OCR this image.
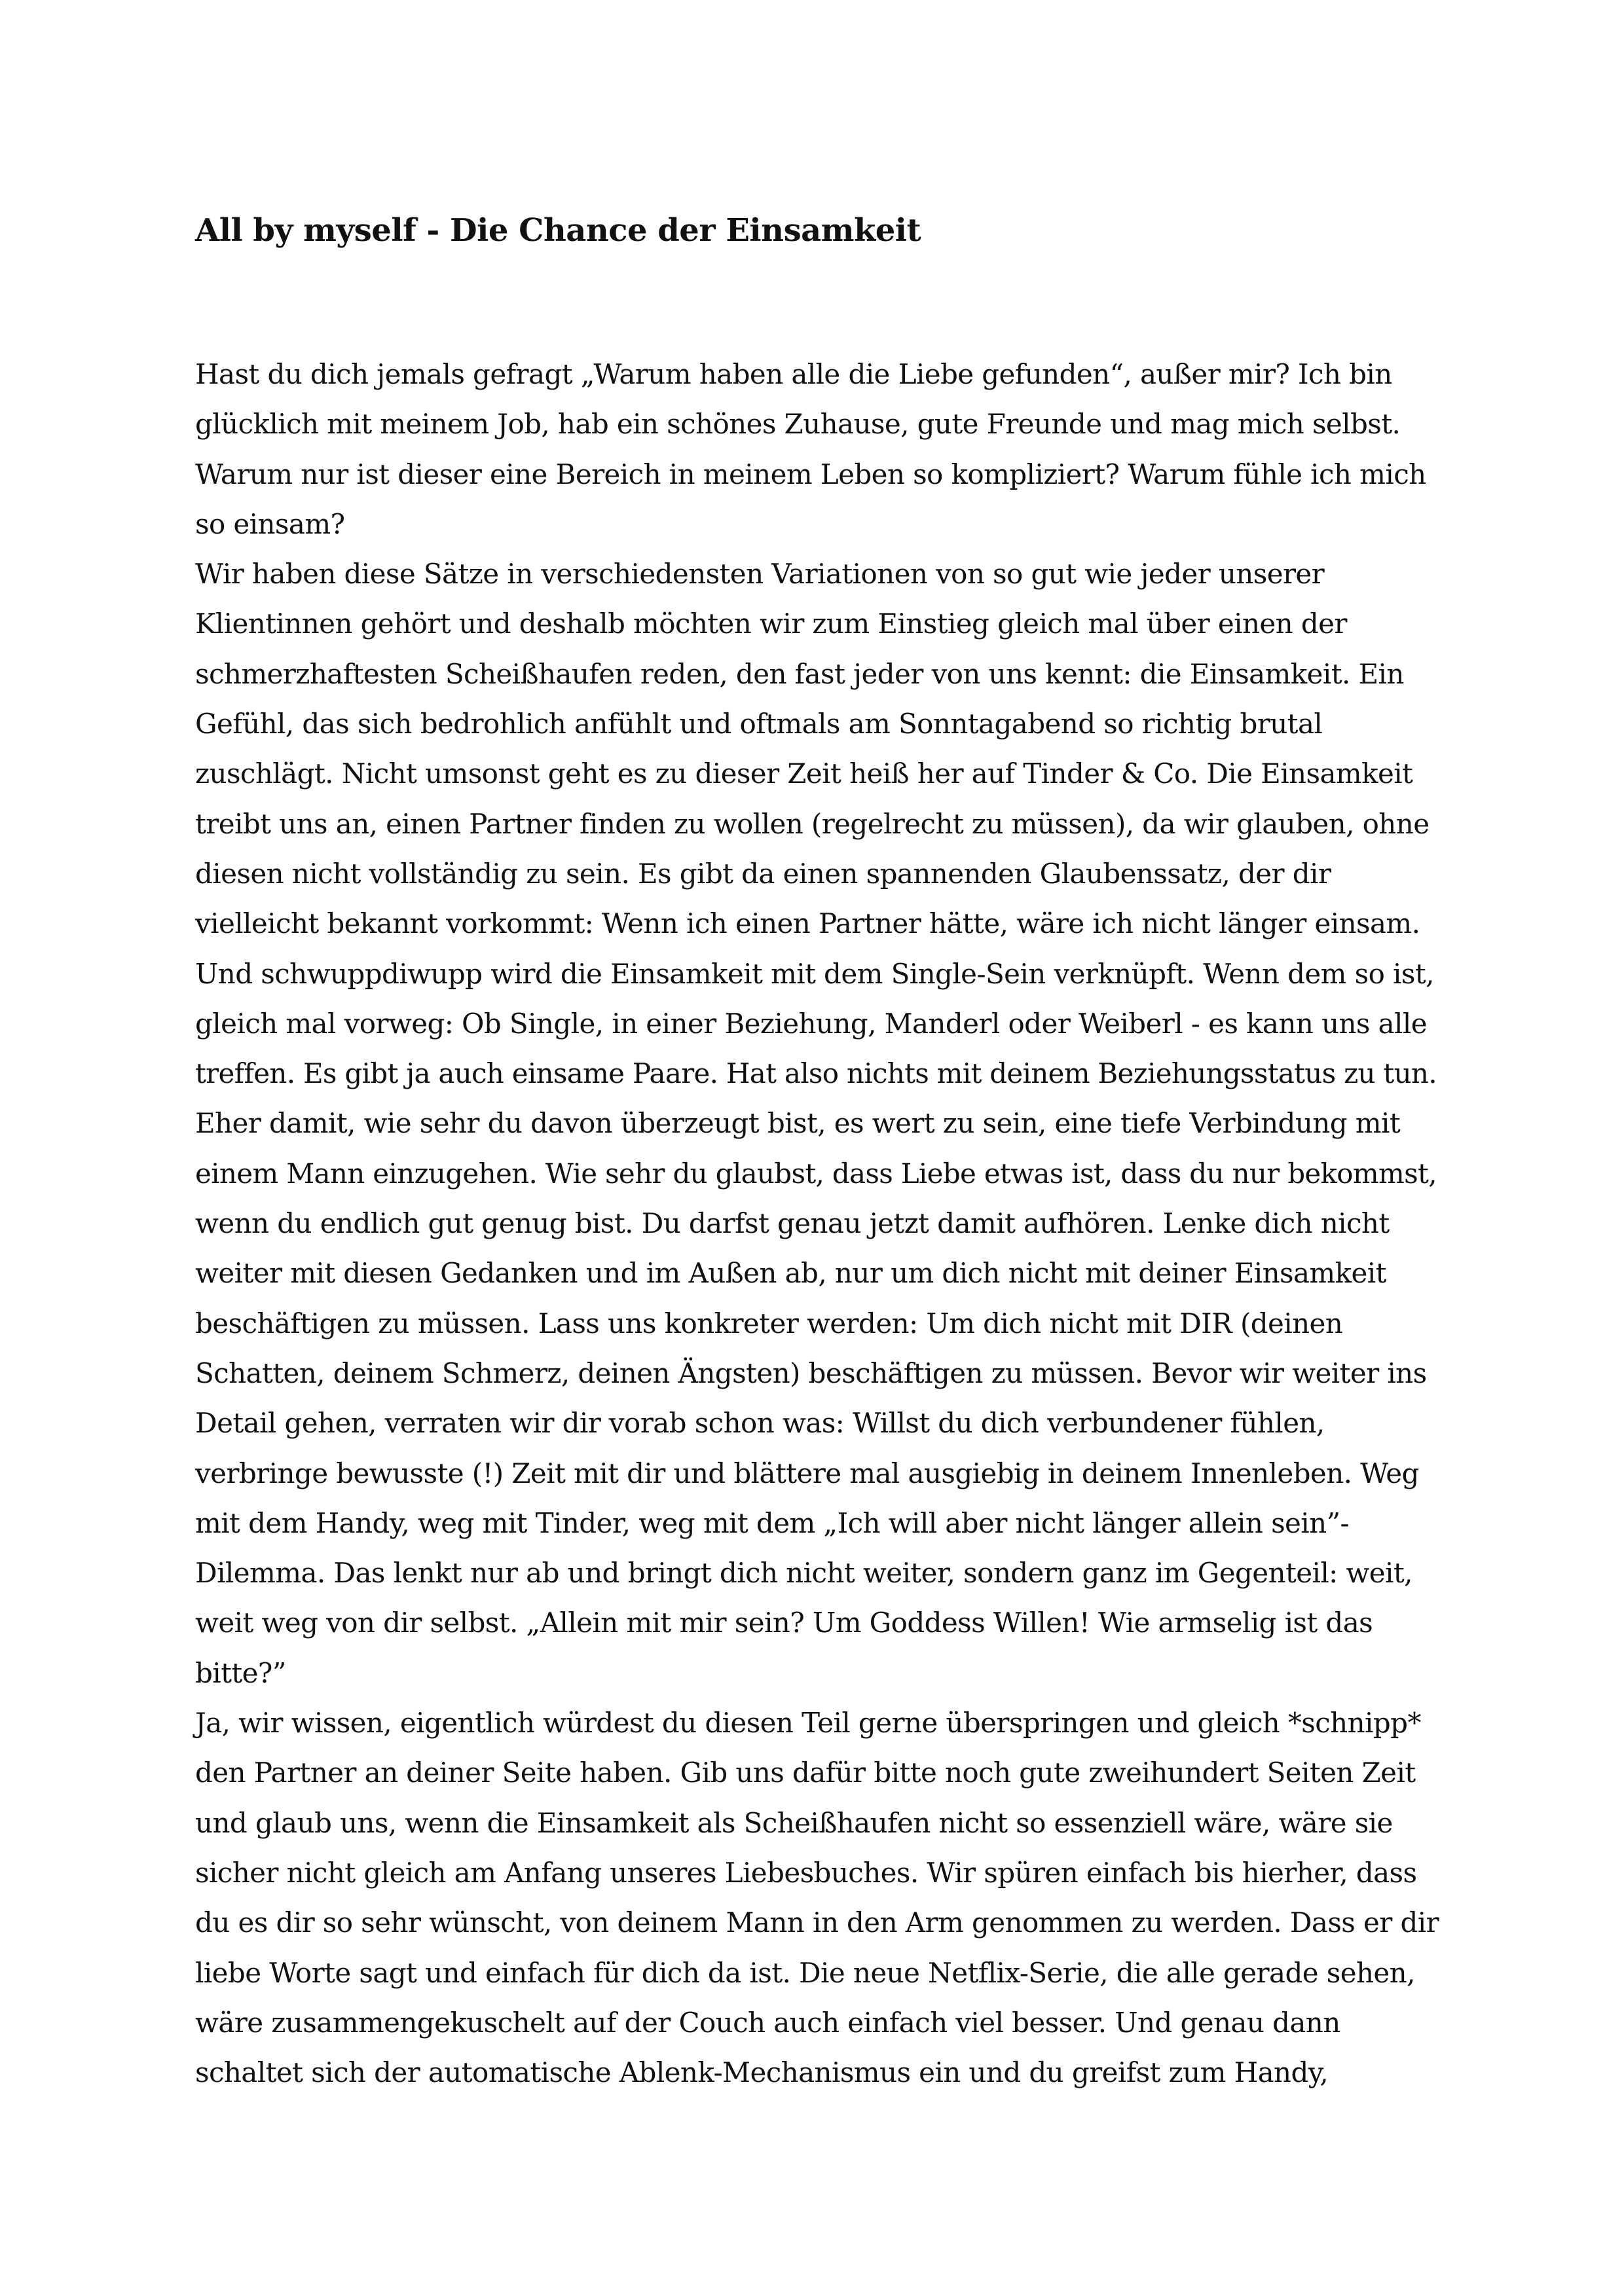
All by myself - Die Chance der Einsamkeit
Hast du dich jemals gefragt „Warum haben alle die Liebe gefunden“, außer mir? Ich bin
glücklich mit meinem Job, hab ein schönes Zuhause, gute Freunde und mag mich selbst.
Warum nur ist dieser eine Bereich in meinem Leben so kompliziert? Warum fühle ich mich
so einsam?
Wir haben diese Sätze in verschiedensten Variationen von so gut wie jeder unserer
Klientinnen gehört und deshalb möchten wir zum Einstieg gleich mal über einen der
schmerzhaftesten Scheißhaufen reden, den fast jeder von uns kennt: die Einsamkeit. Ein
Gefühl, das sich bedrohlich anfühlt und oftmals am Sonntagabend so richtig brutal
zuschlägt. Nicht umsonst geht es zu dieser Zeit heiß her auf Tinder & Co. Die Einsamkeit
treibt uns an, einen Partner finden zu wollen (regelrecht zu müssen), da wir glauben, ohne
diesen nicht vollständig zu sein. Es gibt da einen spannenden Glaubenssatz, der dir
vielleicht bekannt vorkommt: Wenn ich einen Partner hätte, wäre ich nicht länger einsam.
Und schwuppdiwupp wird die Einsamkeit mit dem Single-Sein verknüpft. Wenn dem so ist,
gleich mal vorweg: Ob Single, in einer Beziehung, Manderl oder Weiberl - es kann uns alle
treffen. Es gibt ja auch einsame Paare. Hat also nichts mit deinem Beziehungsstatus zu tun.
Eher damit, wie sehr du davon überzeugt bist, es wert zu sein, eine tiefe Verbindung mit
einem Mann einzugehen. Wie sehr du glaubst, dass Liebe etwas ist, dass du nur bekommst,
wenn du endlich gut genug bist. Du darfst genau jetzt damit aufhören. Lenke dich nicht
weiter mit diesen Gedanken und im Außen ab, nur um dich nicht mit deiner Einsamkeit
beschäftigen zu müssen. Lass uns konkreter werden: Um dich nicht mit DIR (deinen
Schatten, deinem Schmerz, deinen Ängsten) beschäftigen zu müssen. Bevor wir weiter ins
Detail gehen, verraten wir dir vorab schon was: Willst du dich verbundener fühlen,
verbringe bewusste (!) Zeit mit dir und blättere mal ausgiebig in deinem Innenleben. Weg
mit dem Handy, weg mit Tinder, weg mit dem „Ich will aber nicht länger allein sein”-
Dilemma. Das lenkt nur ab und bringt dich nicht weiter, sondern ganz im Gegenteil: weit,
weit weg von dir selbst. „Allein mit mir sein? Um Goddess Willen! Wie armselig ist das
bitte?”
Ja, wir wissen, eigentlich würdest du diesen Teil gerne überspringen und gleich *schnipp*
den Partner an deiner Seite haben. Gib uns dafür bitte noch gute zweihundert Seiten Zeit
und glaub uns, wenn die Einsamkeit als Scheißhaufen nicht so essenziell wäre, wäre sie
sicher nicht gleich am Anfang unseres Liebesbuches. Wir spüren einfach bis hierher, dass
du es dir so sehr wünscht, von deinem Mann in den Arm genommen zu werden. Dass er dir
liebe Worte sagt und einfach für dich da ist. Die neue Netflix-Serie, die alle gerade sehen,
wäre zusammengekuschelt auf der Couch auch einfach viel besser. Und genau dann
schaltet sich der automatische Ablenk-Mechanismus ein und du greifst zum Handy,
